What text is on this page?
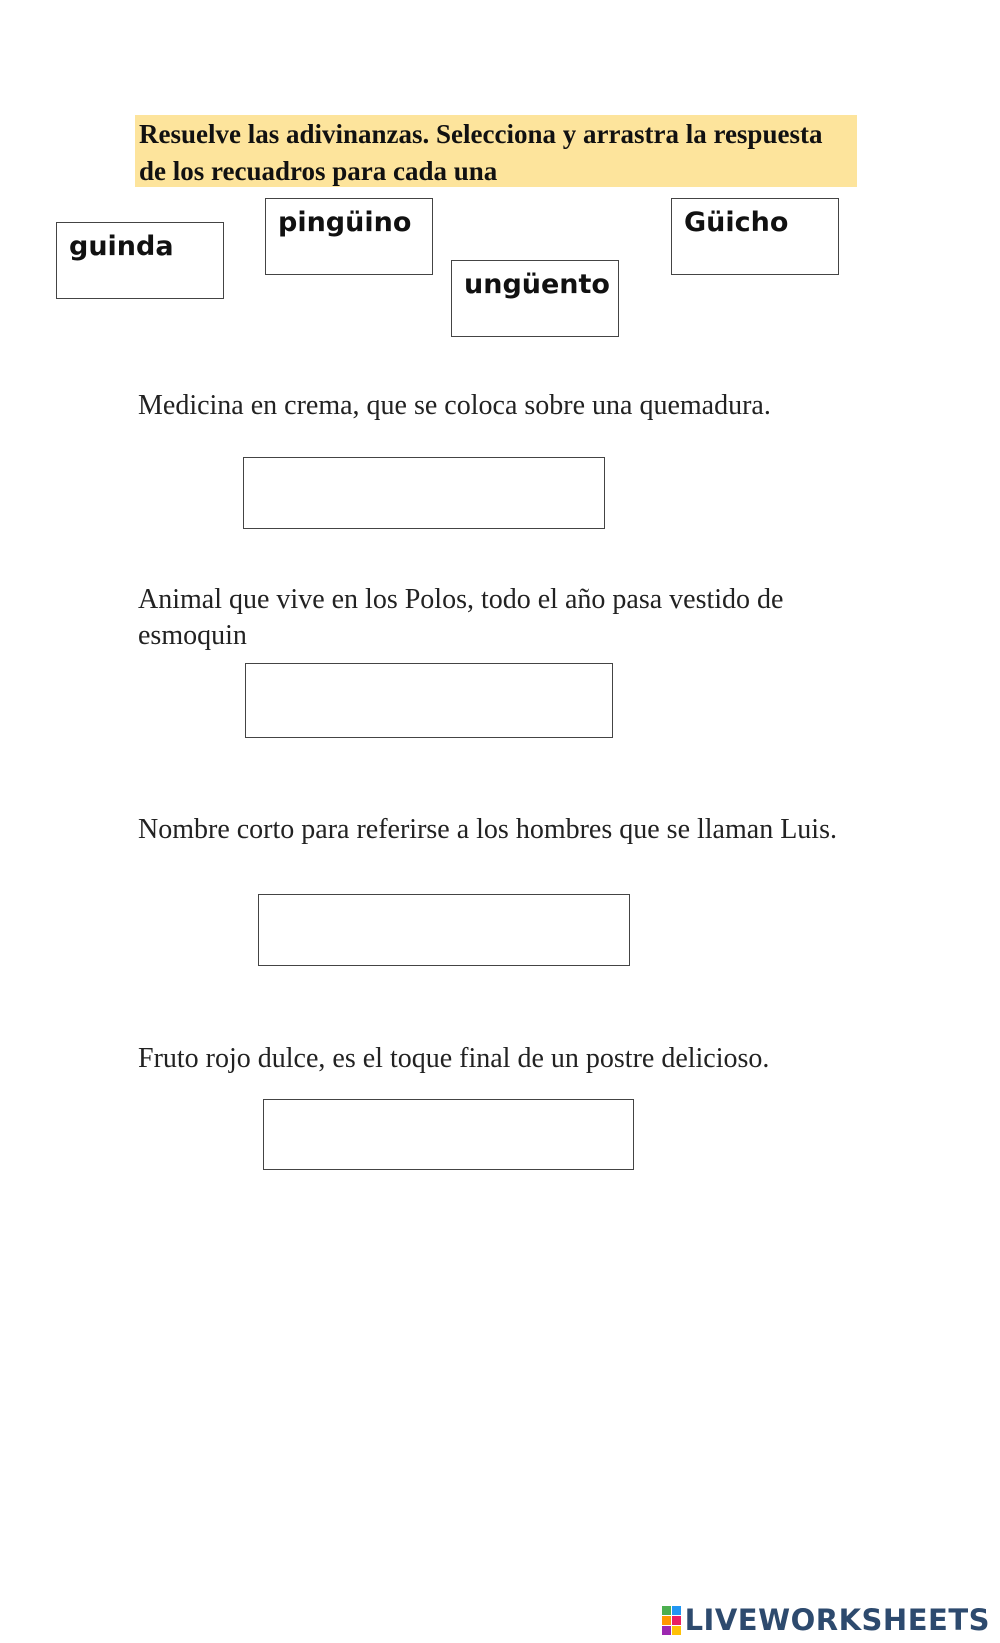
Resuelve las adivinanzas. Selecciona y arrastra la respuesta de los recuadros para cada una
guinda
pingüino
ungüento
Güicho
Medicina en crema, que se coloca sobre una quemadura.
Animal que vive en los Polos, todo el año pasa vestido de esmoquin
Nombre corto para referirse a los hombres que se llaman Luis.
Fruto rojo dulce, es el toque final de un postre delicioso.
LIVEWORKSHEETS
